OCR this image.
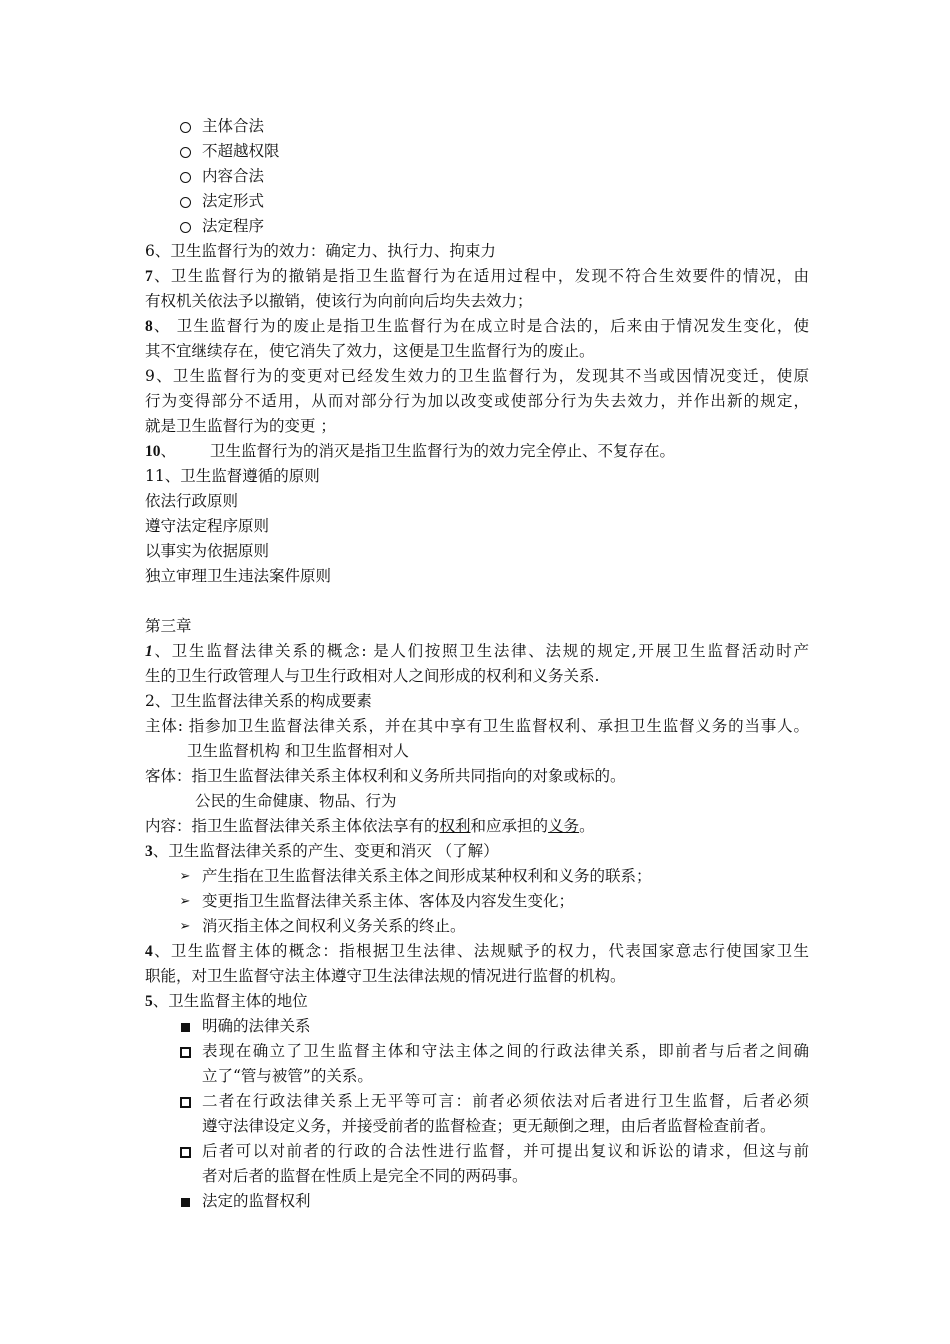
主体合法
不超越权限
内容合法
法定形式
法定程序
6、卫生监督行为的效力：确定力、执行力、拘束力
7、卫生监督行为的撤销是指卫生监督行为在适用过程中，发现不符合生效要件的情况，由
有权机关依法予以撤销，使该行为向前向后均失去效力；
8、 卫生监督行为的废止是指卫生监督行为在成立时是合法的，后来由于情况发生变化，使
其不宜继续存在，使它消失了效力，这便是卫生监督行为的废止。
9、卫生监督行为的变更对已经发生效力的卫生监督行为，发现其不当或因情况变迁，使原
行为变得部分不适用，从而对部分行为加以改变或使部分行为失去效力，并作出新的规定，
就是卫生监督行为的变更 ；
10、 卫生监督行为的消灭是指卫生监督行为的效力完全停止、不复存在。
11、卫生监督遵循的原则
依法行政原则
遵守法定程序原则
以事实为依据原则
独立审理卫生违法案件原则
第三章
1、卫生监督法律关系的概念: 是人们按照卫生法律、法规的规定,开展卫生监督活动时产
生的卫生行政管理人与卫生行政相对人之间形成的权利和义务关系.
2、卫生监督法律关系的构成要素
主体: 指参加卫生监督法律关系，并在其中享有卫生监督权利、承担卫生监督义务的当事人。
卫生监督机构 和卫生监督相对人
客体：指卫生监督法律关系主体权利和义务所共同指向的对象或标的。
公民的生命健康、物品、行为
内容：指卫生监督法律关系主体依法享有的权利和应承担的义务。
3、卫生监督法律关系的产生、变更和消灭 （了解）
➢ 产生指在卫生监督法律关系主体之间形成某种权利和义务的联系；
➢ 变更指卫生监督法律关系主体、客体及内容发生变化；
➢ 消灭指主体之间权利义务关系的终止。
4、卫生监督主体的概念：指根据卫生法律、法规赋予的权力，代表国家意志行使国家卫生
职能，对卫生监督守法主体遵守卫生法律法规的情况进行监督的机构。
5、卫生监督主体的地位
明确的法律关系
表现在确立了卫生监督主体和守法主体之间的行政法律关系，即前者与后者之间确
立了“管与被管”的关系。
二者在行政法律关系上无平等可言：前者必须依法对后者进行卫生监督，后者必须
遵守法律设定义务，并接受前者的监督检查；更无颠倒之理，由后者监督检查前者。
后者可以对前者的行政的合法性进行监督，并可提出复议和诉讼的请求，但这与前
者对后者的监督在性质上是完全不同的两码事。
法定的监督权利
